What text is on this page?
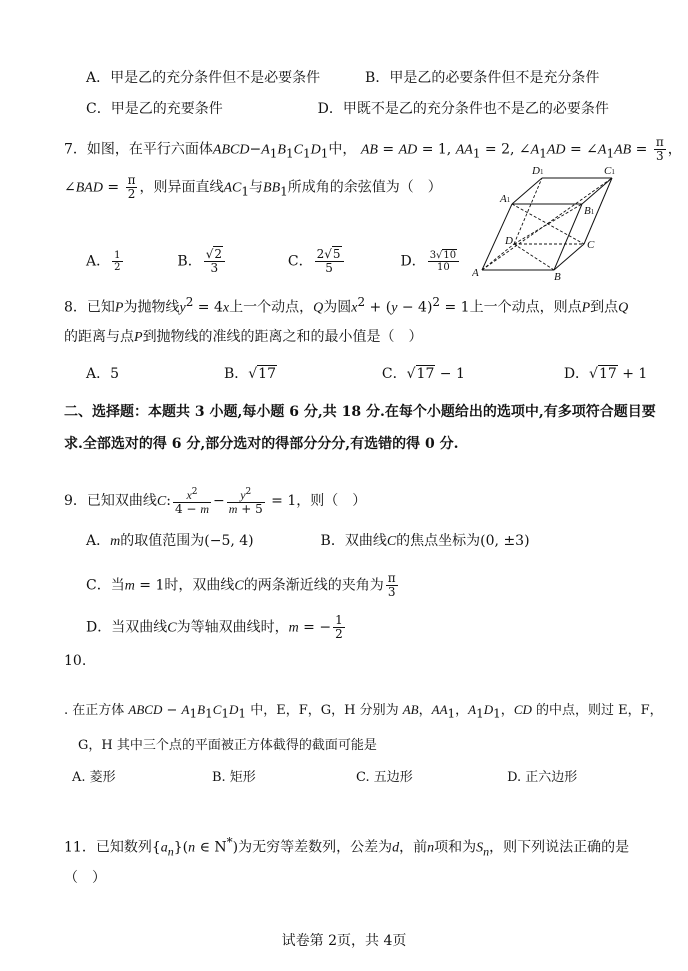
A．甲是乙的充分条件但不是必要条件	B．甲是乙的必要条件但不是充分条件
C．甲是乙的充要条件	D．甲既不是乙的充分条件也不是乙的必要条件
7．如图，在平行六面体$ABCD-A_1B_1C_1D_1$中， AB = AD = 1, $AA_1 = 2$, $\angle A_1AD$ = $\angle A_1AB = \frac{\pi}{3}$ ，
∠BAD = $\frac{\pi}{2}$ ，则异面直线$AC_1$与$BB_1$所成角的余弦值为（　）
A． $\frac{1}{2}$	B． $\frac{√2}{3}$	C． $\frac{2√5}{5}$	D． $\frac{3√10}{10}$ A	B
C
D
A1
B1
C1
D1
8．已知P为抛物线$y^2 = 4x$上一个动点，Q为圆$x^2 + (y - 4)^2 = 1$上一个动点，则点P到点Q
的距离与点P到抛物线的准线的距离之和的最小值是（　）
A．5	B．√17	C．√17 − 1	D．√17 + 1
二、选择题：本题共 3 小题,每小题 6 分,共 18 分.在每个小题给出的选项中,有多项符合题目要
求.全部选对的得 6 分,部分选对的得部分分分,有选错的得 0 分.
9．已知双曲线C: $\frac{x^2}{4 - m} - \frac{y^2}{m + 5} = 1$，则（　）
A．m的取值范围为(−5, 4)	B．双曲线C的焦点坐标为(0, ±3)
C．当m = 1时，双曲线C的两条渐近线的夹角为 $\frac{\pi}{3}$
D．当双曲线C为等轴双曲线时，m = − $\frac{1}{2}$
10.
. 在正方体 ABCD − $A_1B_1C_1D_1$ 中，E，F，G，H 分别为 AB，$AA_1$，$A_1D_1$，CD 的中点，则过 E，F，
G，H 其中三个点的平面被正方体截得的截面可能是
A. 菱形	B. 矩形	C. 五边形	D. 正六边形
11．已知数列$\{a_n\}(n$ ∈ N*)为无穷等差数列，公差为d，前n项和为$S_n$，则下列说法正确的是
（　）
试卷第 2页，共 4页
